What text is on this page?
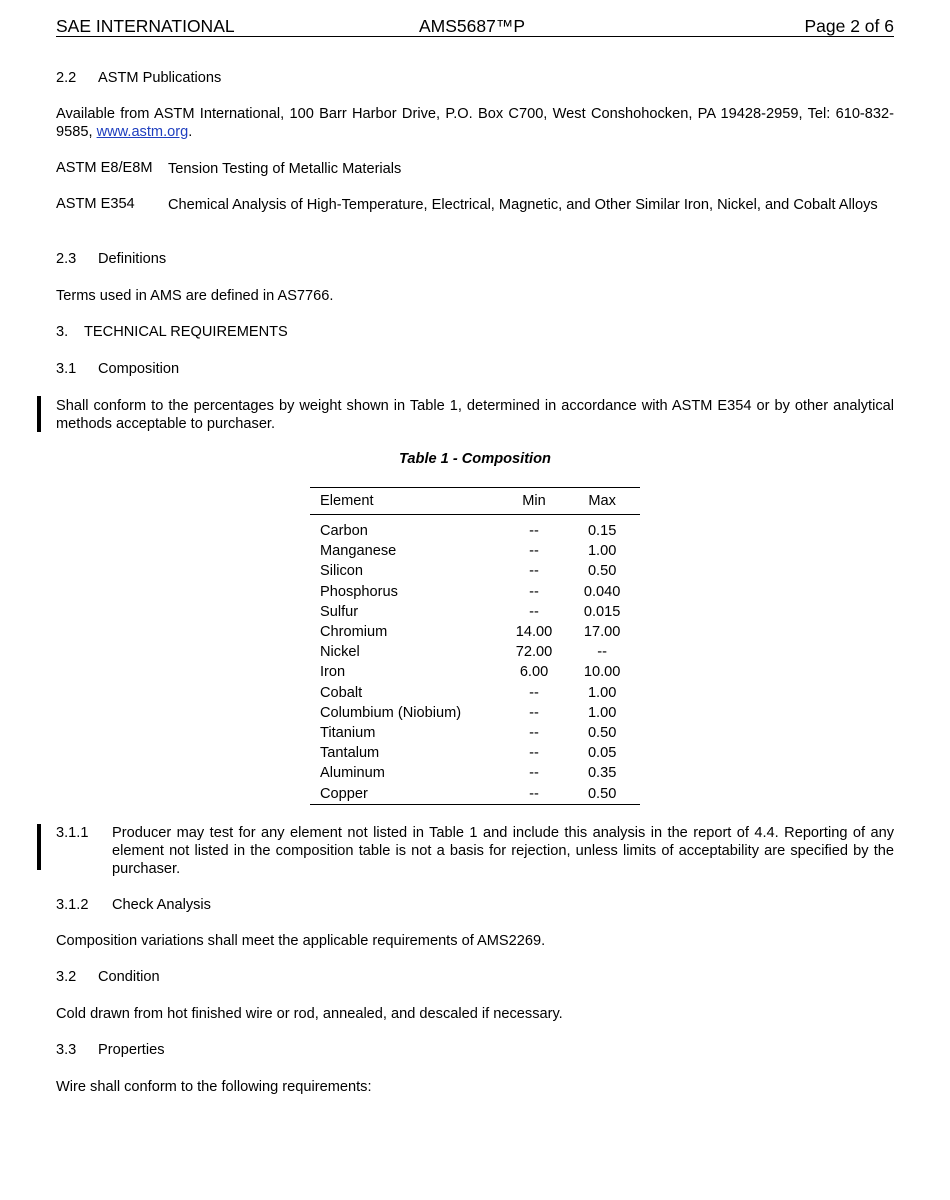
SAE INTERNATIONAL	AMS5687™P	Page 2 of 6
2.2 ASTM Publications
Available from ASTM International, 100 Barr Harbor Drive, P.O. Box C700, West Conshohocken, PA 19428-2959, Tel: 610-832-9585, www.astm.org.
ASTM E8/E8M Tension Testing of Metallic Materials
ASTM E354 Chemical Analysis of High-Temperature, Electrical, Magnetic, and Other Similar Iron, Nickel, and Cobalt Alloys
2.3 Definitions
Terms used in AMS are defined in AS7766.
3. TECHNICAL REQUIREMENTS
3.1 Composition
Shall conform to the percentages by weight shown in Table 1, determined in accordance with ASTM E354 or by other analytical methods acceptable to purchaser.
Table 1 - Composition
Element	Min	Max
Carbon	--	0.15
Manganese	--	1.00
Silicon	--	0.50
Phosphorus	--	0.040
Sulfur	--	0.015
Chromium	14.00	17.00
Nickel	72.00	--
Iron	6.00	10.00
Cobalt	--	1.00
Columbium (Niobium)	--	1.00
Titanium	--	0.50
Tantalum	--	0.05
Aluminum	--	0.35
Copper	--	0.50
3.1.1 Producer may test for any element not listed in Table 1 and include this analysis in the report of 4.4. Reporting of any element not listed in the composition table is not a basis for rejection, unless limits of acceptability are specified by the purchaser.
3.1.2 Check Analysis
Composition variations shall meet the applicable requirements of AMS2269.
3.2 Condition
Cold drawn from hot finished wire or rod, annealed, and descaled if necessary.
3.3 Properties
Wire shall conform to the following requirements:
